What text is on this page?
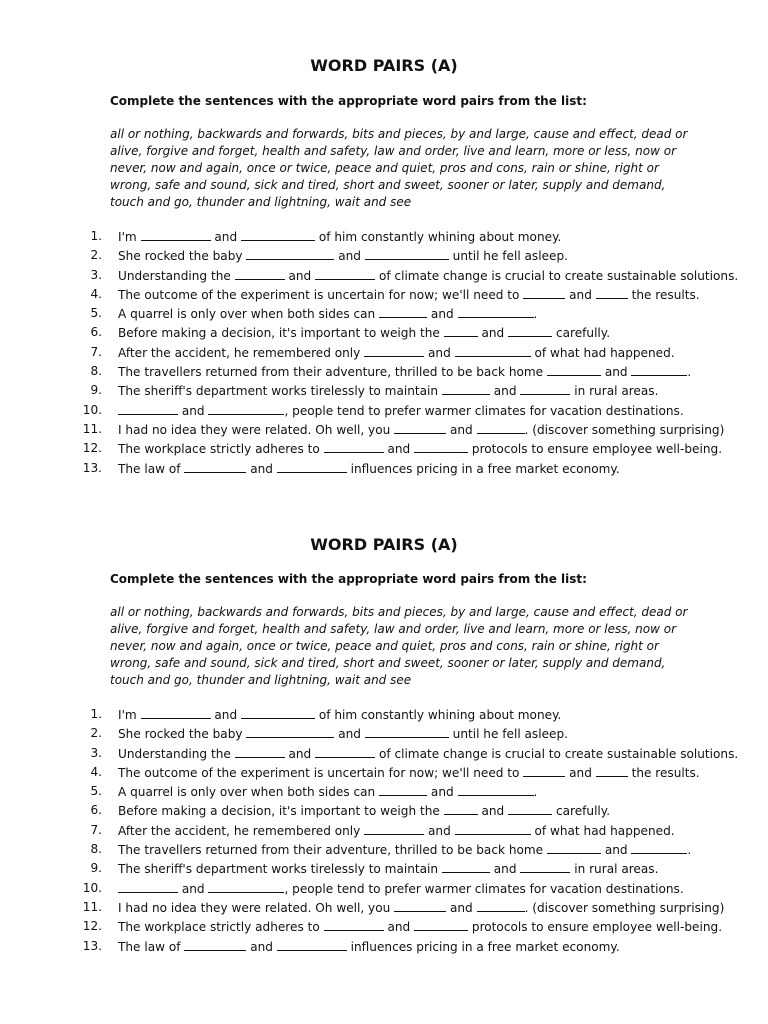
WORD PAIRS (A)
Complete the sentences with the appropriate word pairs from the list:
all or nothing, backwards and forwards, bits and pieces, by and large, cause and effect, dead or
alive, forgive and forget, health and safety, law and order, live and learn, more or less, now or
never, now and again, once or twice, peace and quiet, pros and cons, rain or shine, right or
wrong, safe and sound, sick and tired, short and sweet, sooner or later, supply and demand,
touch and go, thunder and lightning, wait and see
1. I'm	and	of him constantly whining about money.
2. She rocked the baby	and	until he fell asleep.
3. Understanding the	and	of climate change is crucial to create sustainable solutions.
4. The outcome of the experiment is uncertain for now; we'll need to	and	the results.
5. A quarrel is only over when both sides can	and	.
6. Before making a decision, it's important to weigh the	and	carefully.
7. After the accident, he remembered only	and	of what had happened.
8. The travellers returned from their adventure, thrilled to be back home	and	.
9. The sheriff's department works tirelessly to maintain	and	in rural areas.
10.	and	, people tend to prefer warmer climates for vacation destinations.
11. I had no idea they were related. Oh well, you	and	. (discover something surprising)
12. The workplace strictly adheres to	and	protocols to ensure employee well-being.
13. The law of	and	influences pricing in a free market economy.
WORD PAIRS (A)
Complete the sentences with the appropriate word pairs from the list:
all or nothing, backwards and forwards, bits and pieces, by and large, cause and effect, dead or
alive, forgive and forget, health and safety, law and order, live and learn, more or less, now or
never, now and again, once or twice, peace and quiet, pros and cons, rain or shine, right or
wrong, safe and sound, sick and tired, short and sweet, sooner or later, supply and demand,
touch and go, thunder and lightning, wait and see
1. I'm	and	of him constantly whining about money.
2. She rocked the baby	and	until he fell asleep.
3. Understanding the	and	of climate change is crucial to create sustainable solutions.
4. The outcome of the experiment is uncertain for now; we'll need to	and	the results.
5. A quarrel is only over when both sides can	and	.
6. Before making a decision, it's important to weigh the	and	carefully.
7. After the accident, he remembered only	and	of what had happened.
8. The travellers returned from their adventure, thrilled to be back home	and	.
9. The sheriff's department works tirelessly to maintain	and	in rural areas.
10.	and	, people tend to prefer warmer climates for vacation destinations.
11. I had no idea they were related. Oh well, you	and	. (discover something surprising)
12. The workplace strictly adheres to	and	protocols to ensure employee well-being.
13. The law of	and	influences pricing in a free market economy.
